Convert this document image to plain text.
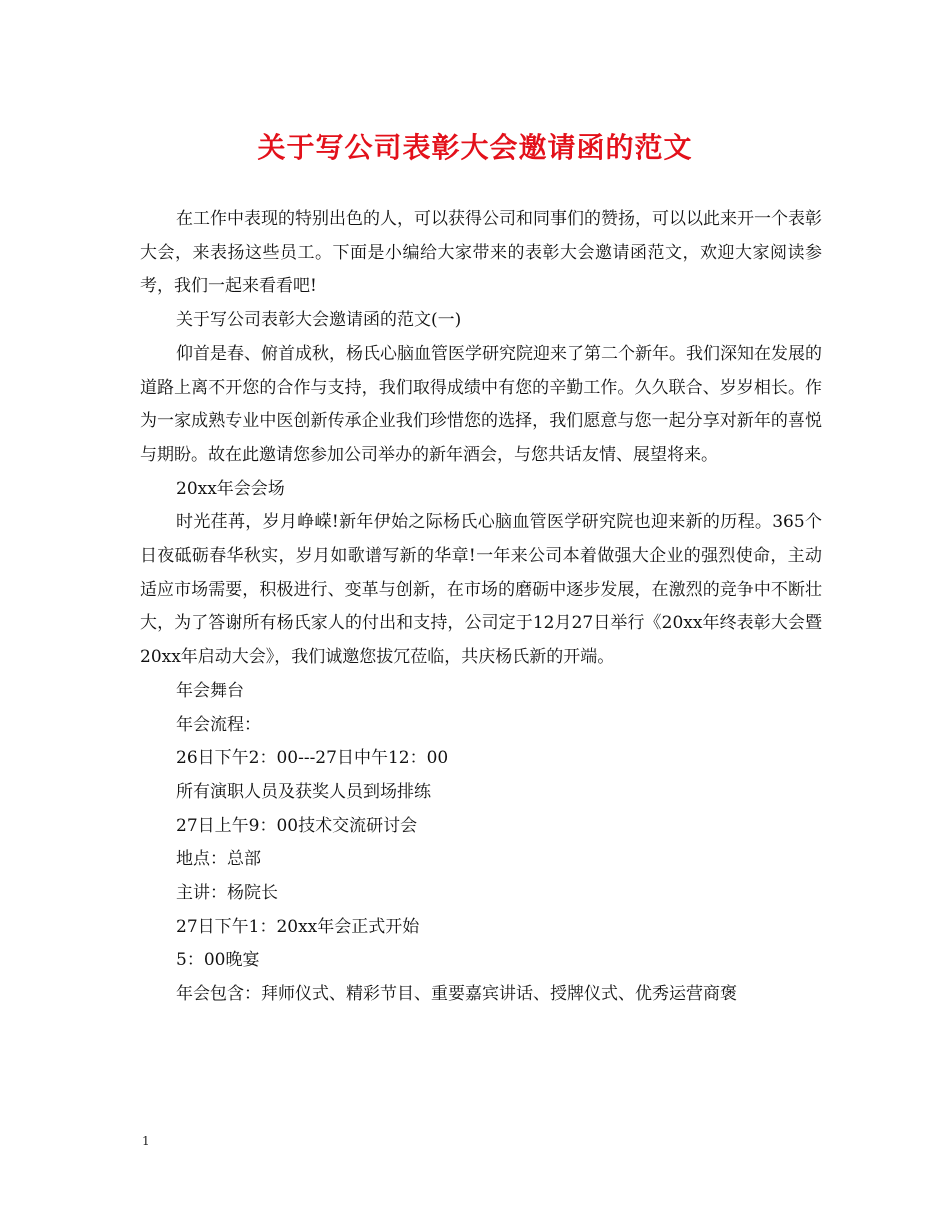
关于写公司表彰大会邀请函的范文

在工作中表现的特别出色的人，可以获得公司和同事们的赞扬，可以以此来开一个表彰大会，来表扬这些员工。下面是小编给大家带来的表彰大会邀请函范文，欢迎大家阅读参考，我们一起来看看吧!

关于写公司表彰大会邀请函的范文(一)

仰首是春、俯首成秋，杨氏心脑血管医学研究院迎来了第二个新年。我们深知在发展的道路上离不开您的合作与支持，我们取得成绩中有您的辛勤工作。久久联合、岁岁相长。作为一家成熟专业中医创新传承企业我们珍惜您的选择，我们愿意与您一起分享对新年的喜悦与期盼。故在此邀请您参加公司举办的新年酒会，与您共话友情、展望将来。

20xx年会会场

时光荏苒，岁月峥嵘!新年伊始之际杨氏心脑血管医学研究院也迎来新的历程。365个日夜砥砺春华秋实，岁月如歌谱写新的华章!一年来公司本着做强大企业的强烈使命，主动适应市场需要，积极进行、变革与创新，在市场的磨砺中逐步发展，在激烈的竞争中不断壮大，为了答谢所有杨氏家人的付出和支持，公司定于12月27日举行《20xx年终表彰大会暨20xx年启动大会》，我们诚邀您拔冗莅临，共庆杨氏新的开端。

年会舞台

年会流程：

26日下午2：00---27日中午12：00

所有演职人员及获奖人员到场排练

27日上午9：00技术交流研讨会

地点：总部

主讲：杨院长

27日下午1：20xx年会正式开始

5：00晚宴

年会包含：拜师仪式、精彩节目、重要嘉宾讲话、授牌仪式、优秀运营商褒

1
